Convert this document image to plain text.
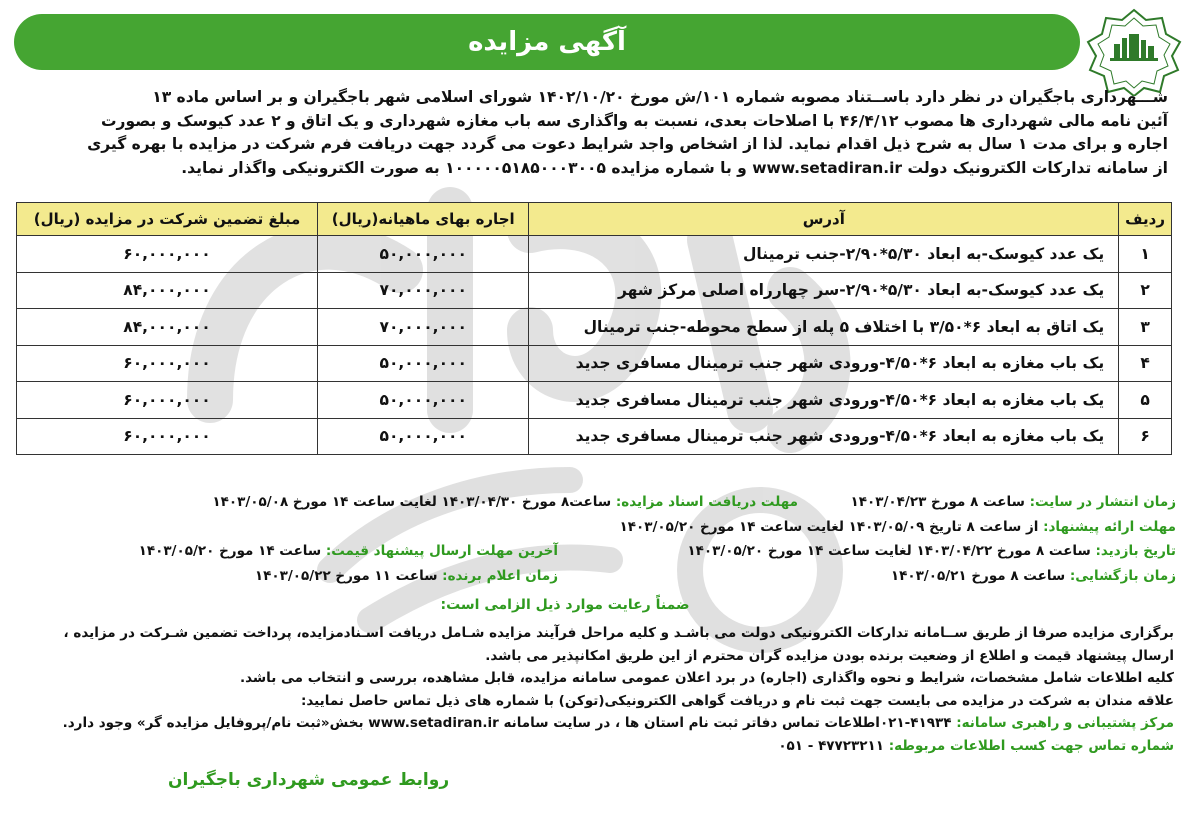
آگهی مزایده
شـــهرداری باجگیران در نظر دارد باســتناد مصوبه شماره ۱۰۱/ش مورخ ۱۴۰۲/۱۰/۲۰ شورای اسلامی شهر باجگیران و بر اساس ماده ۱۳
آئین نامه مالی شهرداری ها مصوب ۴۶/۴/۱۲ با اصلاحات بعدی، نسبت به واگذاری سه باب مغازه شهرداری و یک اتاق و ۲ عدد کیوسک و بصورت
اجاره و برای مدت ۱ سال به شرح ذیل اقدام نماید. لذا از اشخاص واجد شرایط دعوت می گردد جهت دریافت فرم شرکت در مزایده با بهره گیری
از سامانه تدارکات الکترونیک دولت www.setadiran.ir و با شماره مزایده ۱۰۰۰۰۰۵۱۸۵۰۰۰۳۰۰۵ به صورت الکترونیکی واگذار نماید.
ردیف	آدرس	اجاره بهای ماهیانه(ریال)	مبلغ تضمین شرکت در مزایده (ریال)
۱	یک عدد کیوسک-به ابعاد ۵/۳۰*۲/۹۰-جنب ترمینال	۵۰,۰۰۰,۰۰۰	۶۰,۰۰۰,۰۰۰
۲	یک عدد کیوسک-به ابعاد ۵/۳۰*۲/۹۰-سر چهارراه اصلی مرکز شهر	۷۰,۰۰۰,۰۰۰	۸۴,۰۰۰,۰۰۰
۳	یک اتاق به ابعاد ۶*۳/۵۰ با اختلاف ۵ پله از سطح محوطه-جنب ترمینال	۷۰,۰۰۰,۰۰۰	۸۴,۰۰۰,۰۰۰
۴	یک باب مغازه به ابعاد ۶*۴/۵۰-ورودی شهر جنب ترمینال مسافری جدید	۵۰,۰۰۰,۰۰۰	۶۰,۰۰۰,۰۰۰
۵	یک باب مغازه به ابعاد ۶*۴/۵۰-ورودی شهر جنب ترمینال مسافری جدید	۵۰,۰۰۰,۰۰۰	۶۰,۰۰۰,۰۰۰
۶	یک باب مغازه به ابعاد ۶*۴/۵۰-ورودی شهر جنب ترمینال مسافری جدید	۵۰,۰۰۰,۰۰۰	۶۰,۰۰۰,۰۰۰
زمان انتشار در سایت: ساعت ۸ مورخ ۱۴۰۳/۰۴/۲۳
مهلت دریافت اسناد مزایده: ساعت۸ مورخ ۱۴۰۳/۰۴/۳۰ لغایت ساعت ۱۴ مورخ ۱۴۰۳/۰۵/۰۸
مهلت ارائه پیشنهاد: از ساعت ۸ تاریخ ۱۴۰۳/۰۵/۰۹ لغایت ساعت ۱۴ مورخ ۱۴۰۳/۰۵/۲۰
تاریخ بازدید: ساعت ۸ مورخ ۱۴۰۳/۰۴/۲۲ لغایت ساعت ۱۴ مورخ ۱۴۰۳/۰۵/۲۰
آخرین مهلت ارسال پیشنهاد قیمت: ساعت ۱۴ مورخ ۱۴۰۳/۰۵/۲۰
زمان بازگشایی: ساعت ۸ مورخ ۱۴۰۳/۰۵/۲۱
زمان اعلام برنده: ساعت ۱۱ مورخ ۱۴۰۳/۰۵/۲۲
ضمناً رعایت موارد ذیل الزامی است:

برگزاری مزایده صرفا از طریق ســامانه تدارکات الکترونیکی دولت می باشـد و کلیه مراحل فرآیند مزایده شـامل دریافت اسـنادمزایده، پرداخت تضمین شـرکت در مزایده ،

ارسال پیشنهاد قیمت و اطلاع از وضعیت برنده بودن مزایده گران محترم از این طریق امکانپذیر می باشد.

کلیه اطلاعات شامل مشخصات، شرایط و نحوه واگذاری (اجاره) در برد اعلان عمومی سامانه مزایده، قابل مشاهده، بررسی و انتخاب می باشد.

علاقه مندان به شرکت در مزایده می بایست جهت ثبت نام و دریافت گواهی الکترونیکی(توکن) با شماره های ذیل تماس حاصل نمایید:

مرکز پشتیبانی و راهبری سامانه: ۴۱۹۳۴-۰۲۱اطلاعات تماس دفاتر ثبت نام استان ها ، در سایت سامانه www.setadiran.ir بخش«ثبت نام/پروفایل مزایده گر» وجود دارد.

شماره تماس جهت کسب اطلاعات مربوطه: ۴۷۷۲۳۲۱۱ - ۰۵۱

روابط عمومی شهرداری باجگیران
